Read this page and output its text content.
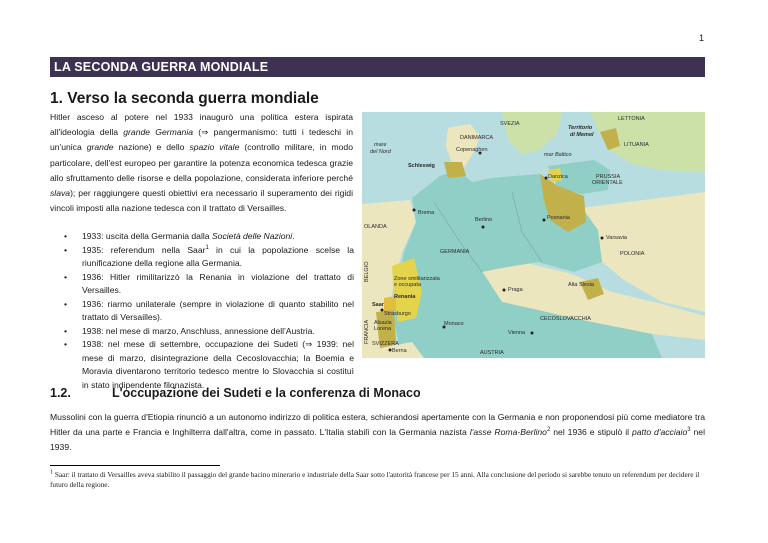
1
LA SECONDA GUERRA MONDIALE
1. Verso la seconda guerra mondiale

Hitler asceso al potere nel 1933 inaugurò una politica estera ispirata all'ideologia della grande Germania (⇒ pangermanismo: tutti i tedeschi in un'unica grande nazione) e dello spazio vitale (controllo militare, in modo particolare, dell'est europeo per garantire la potenza economica tedesca grazie allo sfruttamento delle risorse e della popolazione, considerata inferiore perché slava); per raggiungere questi obiettivi era necessario il superamento dei rigidi vincoli imposti alla nazione tedesca con il trattato di Versailles.

• 1933: uscita della Germania dalla Società delle Nazioni.
• 1935: referendum nella Saar$^1$ in cui la popolazione scelse la riunificazione della regione alla Germania.
• 1936: Hitler rimilitarizzò la Renania in violazione del trattato di Versailles.
• 1936: riarmo unilaterale (sempre in violazione di quanto stabilito nel trattato di Versailles).
• 1938: nel mese di marzo, Anschluss, annessione dell'Austria.
• 1938: nel mese di settembre, occupazione dei Sudeti (⇒ 1939: nel mese di marzo, disintegrazione della Cecoslovacchia; la Boemia e Moravia diventarono territorio tedesco mentre lo Slovacchia si costituì in stato indipendente filonazista.
LETTONIA
SVEZIA
Territorio
di Memel
DANIMARCA
mare
del Nord	Copenaghen
LITUANIA
mar Baltico
Schleswig
Danzica	PRUSSIA
ORIENTALE
Brema
Berlino	Posnania
OLANDA
Varsavia
GERMANIA	POLONIA
BELGIO	Zone smilitarizzata
e occupata
Renania
Praga
Alta Slesia
Saar
Strasburgo
FRANCIA Alsazia
Lorena
Monaco
CECOSLOVACCHIA
Vienna
SVIZZERA
Berna	AUSTRIA
1.2.	L'occupazione dei Sudeti e la conferenza di Monaco
Mussolini con la guerra d'Etiopia rinunciò a un autonomo indirizzo di politica estera, schierandosi apertamente con la Germania e non proponendosi più come mediatore tra Hitler da una parte e Francia e Inghilterra dall'altra, come in passato. L'Italia stabilì con la Germania nazista l'asse Roma-Berlino$^2$ nel 1936 e stipulò il patto d'acciaio$^3$ nel 1939.
$^1$ Saar: il trattato di Versailles aveva stabilito il passaggio del grande bacino minerario e industriale della Saar sotto l'autorità francese per 15 anni. Alla conclusione del periodo si sarebbe tenuto un referendum per decidere il futuro della regione.
